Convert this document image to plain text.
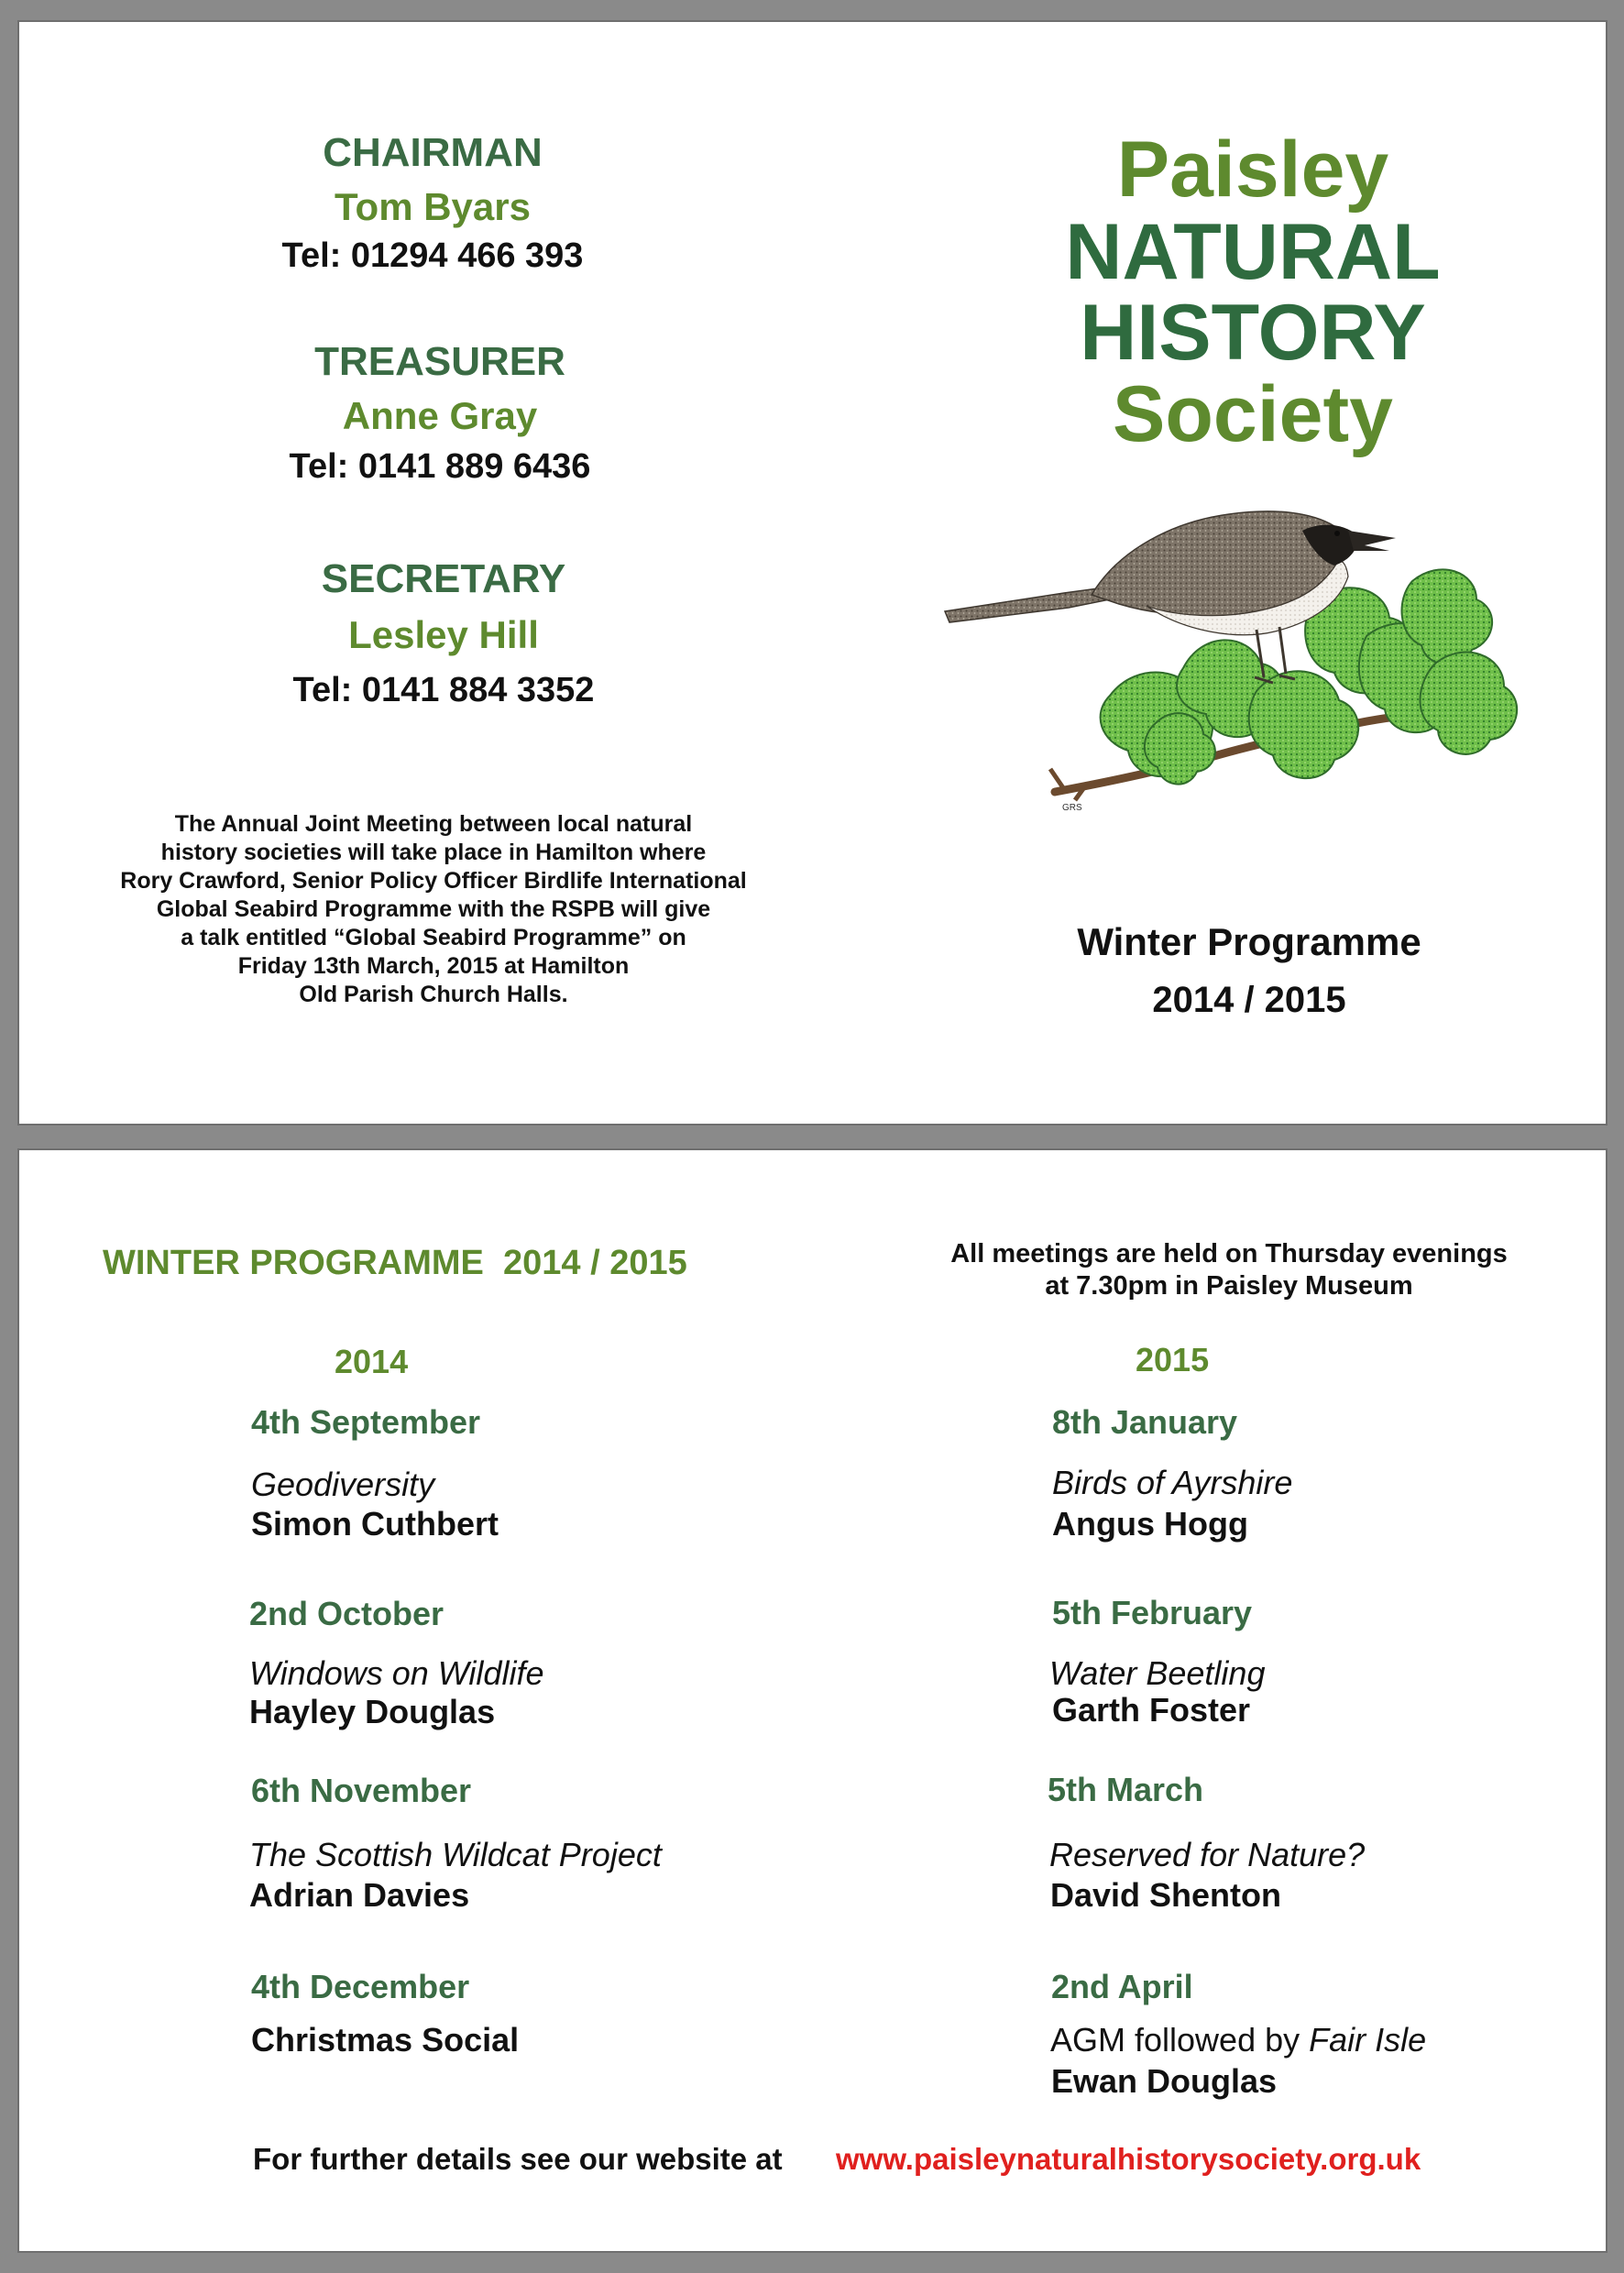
CHAIRMAN
Tom Byars
Tel: 01294 466 393
TREASURER
Anne Gray
Tel: 0141 889 6436
SECRETARY
Lesley Hill
Tel: 0141 884 3352
The Annual Joint Meeting between local natural
history societies will take place in Hamilton where
Rory Crawford, Senior Policy Officer Birdlife International
Global Seabird Programme with the RSPB will give
a talk entitled “Global Seabird Programme” on
Friday 13th March, 2015 at Hamilton
Old Parish Church Halls.
Paisley
NATURAL
HISTORY
Society
GRS
Winter Programme
2014 / 2015
WINTER PROGRAMME  2014 / 2015	All meetings are held on Thursday evenings
at 7.30pm in Paisley Museum
2014
4th September
Geodiversity
Simon Cuthbert
2nd October
Windows on Wildlife
Hayley Douglas
6th November
The Scottish Wildcat Project
Adrian Davies
4th December
Christmas Social
2015
8th January
Birds of Ayrshire
Angus Hogg
5th February
Water Beetling
Garth Foster
5th March
Reserved for Nature?
David Shenton
2nd April
AGM followed by Fair Isle
Ewan Douglas
For further details see our website at www.paisleynaturalhistorysociety.org.uk
